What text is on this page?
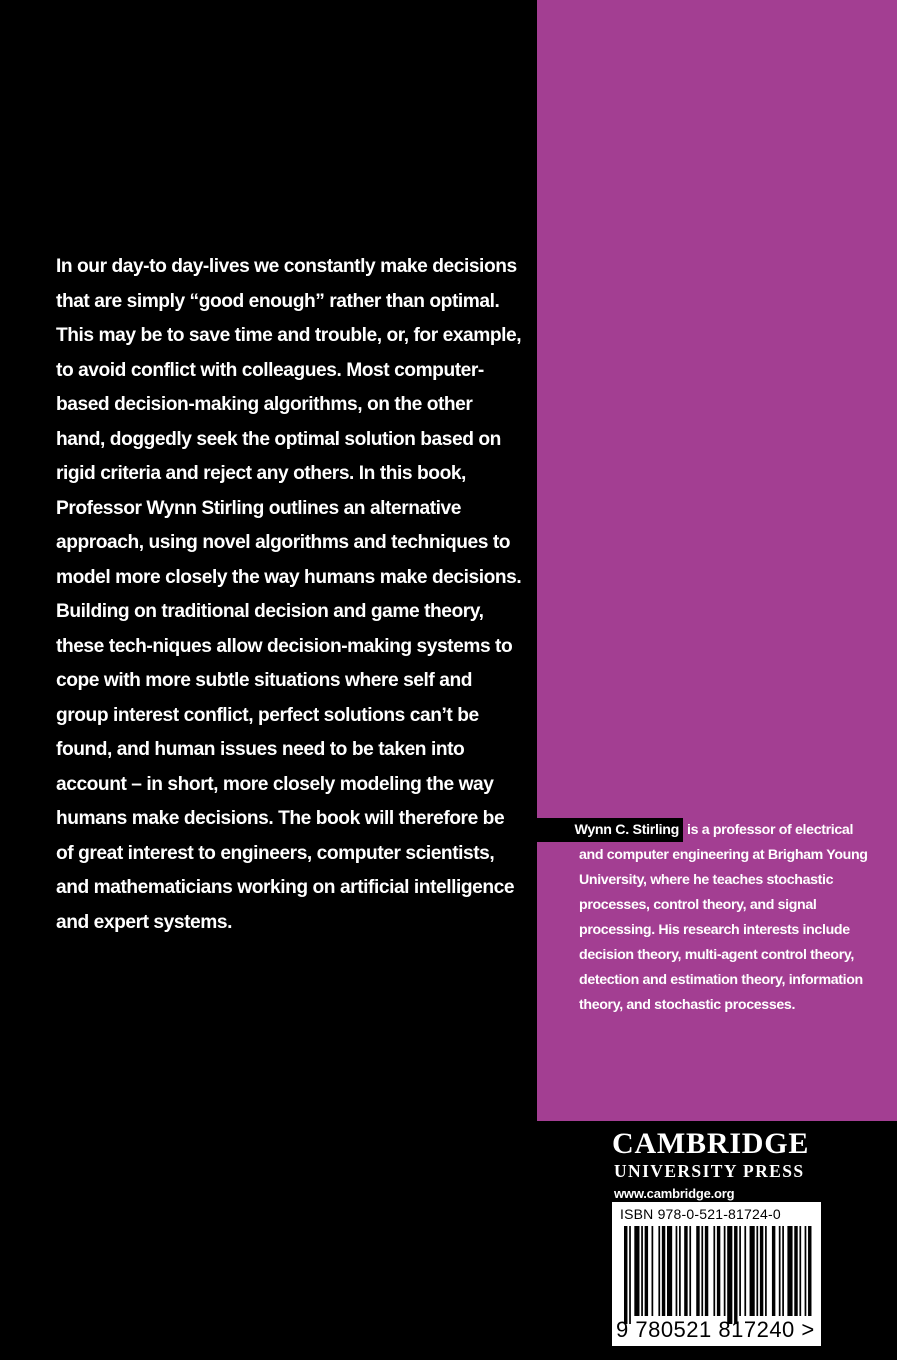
In our day-to day-lives we constantly make decisions that are simply “good enough” rather than optimal. This may be to save time and trouble, or, for example, to avoid conflict with colleagues. Most computer-based decision-making algorithms, on the other hand, doggedly seek the optimal solution based on rigid criteria and reject any others. In this book, Professor Wynn Stirling outlines an alternative approach, using novel algorithms and techniques to model more closely the way humans make decisions. Building on traditional decision and game theory, these tech-niques allow decision-making systems to cope with more subtle situations where self and group interest conflict, perfect solutions can’t be found, and human issues need to be taken into account – in short, more closely modeling the way humans make decisions. The book will therefore be of great interest to engineers, computer scientists, and mathematicians working on artificial intelligence and expert systems.

Wynn C. Stirling is a professor of electrical and computer engineering at Brigham Young University, where he teaches stochastic processes, control theory, and signal processing. His research interests include decision theory, multi-agent control theory, detection and estimation theory, information theory, and stochastic processes.

CAMBRIDGE
UNIVERSITY PRESS
www.cambridge.org
ISBN 978-0-521-81724-0
9 780521 817240 >
